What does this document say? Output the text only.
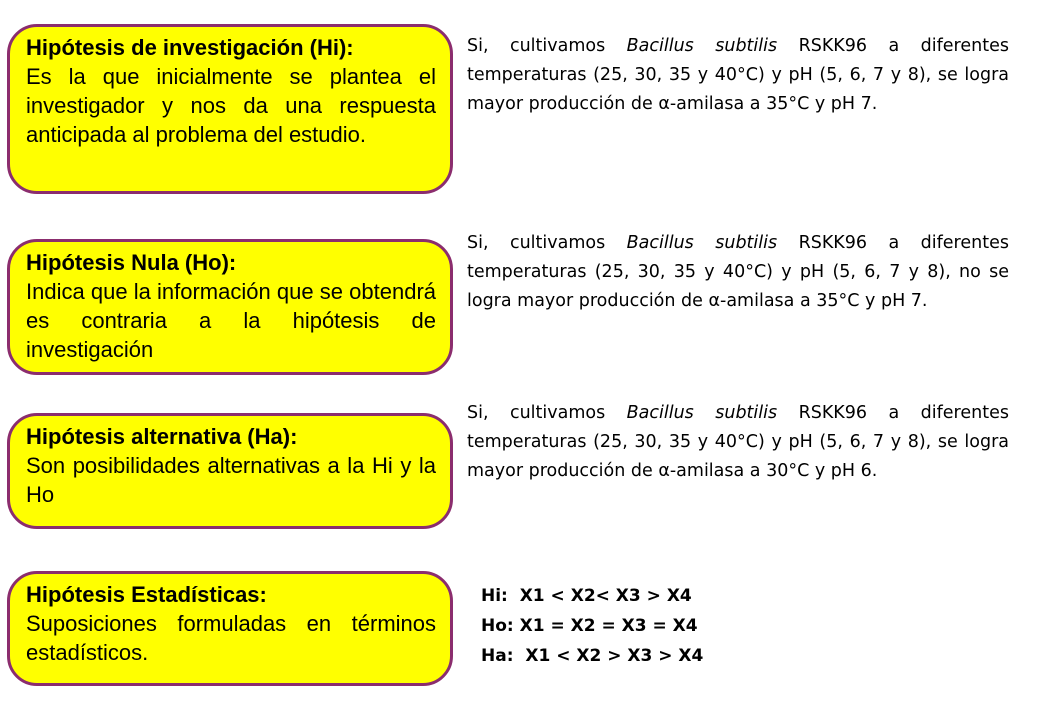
Hipótesis de investigación (Hi):
Es la que inicialmente se plantea el investigador y nos da una respuesta anticipada al problema del estudio.
Hipótesis Nula (Ho):
Indica que la información que se obtendrá es contraria a la hipótesis de investigación
Hipótesis alternativa (Ha):
Son posibilidades alternativas a la Hi y la Ho
Hipótesis Estadísticas:
Suposiciones formuladas en términos estadísticos.

Si, cultivamos Bacillus subtilis RSKK96 a diferentes temperaturas (25, 30, 35 y 40°C) y pH (5, 6, 7 y 8), se logra mayor producción de α-amilasa a 35°C y pH 7.

Si, cultivamos Bacillus subtilis RSKK96 a diferentes temperaturas (25, 30, 35 y 40°C) y pH (5, 6, 7 y 8), no se logra mayor producción de α-amilasa a 35°C y pH 7.

Si, cultivamos Bacillus subtilis RSKK96 a diferentes temperaturas (25, 30, 35 y 40°C) y pH (5, 6, 7 y 8), se logra mayor producción de α-amilasa a 30°C y pH 6.

Hi:  X1 < X2< X3 > X4
Ho: X1 = X2 = X3 = X4
Ha:  X1 < X2 > X3 > X4
